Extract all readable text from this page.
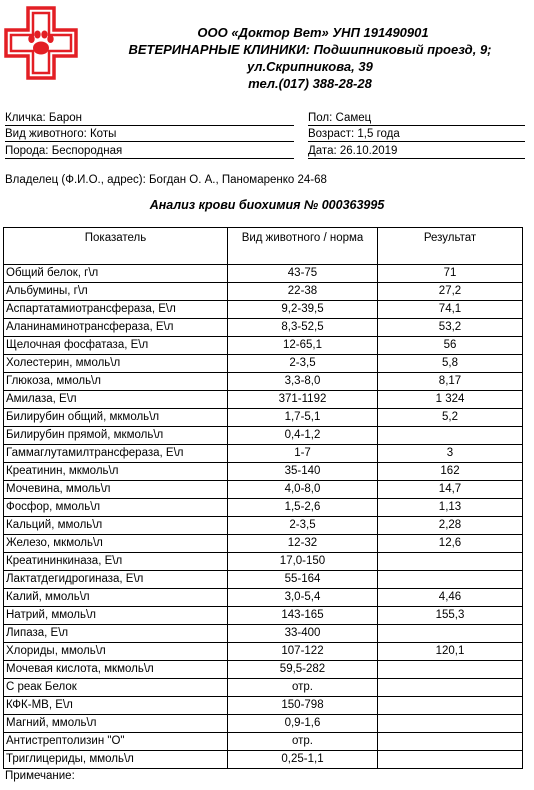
ООО «Доктор Вет» УНП 191490901
ВЕТЕРИНАРНЫЕ КЛИНИКИ: Подшипниковый проезд, 9;
ул.Скрипникова, 39
тел.(017) 388-28-28
Кличка: Барон	Пол: Самец
Вид животного: Коты	Возраст: 1,5 года
Порода: Беспородная	Дата: 26.10.2019
Владелец (Ф.И.О., адрес): Богдан О. А., Паномаренко 24-68
Анализ крови биохимия № 000363995
Показатель	Вид животного / норма	Результат
Общий белок, г\л	43-75	71
Альбумины, г\л	22-38	27,2
Аспартатамиотрансфераза, Е\л	9,2-39,5	74,1
Аланинаминотрансфераза, Е\л	8,3-52,5	53,2
Щелочная фосфатаза, Е\л	12-65,1	56
Холестерин, ммоль\л	2-3,5	5,8
Глюкоза, ммоль\л	3,3-8,0	8,17
Амилаза, Е\л	371-1192	1 324
Билирубин общий, мкмоль\л	1,7-5,1	5,2
Билирубин прямой, мкмоль\л	0,4-1,2	
Гаммаглутамилтрансфераза, Е\л	1-7	3
Креатинин, мкмоль\л	35-140	162
Мочевина, ммоль\л	4,0-8,0	14,7
Фосфор, ммоль\л	1,5-2,6	1,13
Кальций, ммоль\л	2-3,5	2,28
Железо, мкмоль\л	12-32	12,6
Креатининкиназа, Е\л	17,0-150	
Лактатдегидрогиназа, Е\л	55-164	
Калий, ммоль\л	3,0-5,4	4,46
Натрий, ммоль\л	143-165	155,3
Липаза, Е\л	33-400	
Хлориды, ммоль\л	107-122	120,1
Мочевая кислота, мкмоль\л	59,5-282	
С реак Белок	отр.	
КФК-МВ, Е\л	150-798	
Магний, ммоль\л	0,9-1,6	
Антистрептолизин "О"	отр.	
Триглицериды, ммоль\л	0,25-1,1	
Примечание:
